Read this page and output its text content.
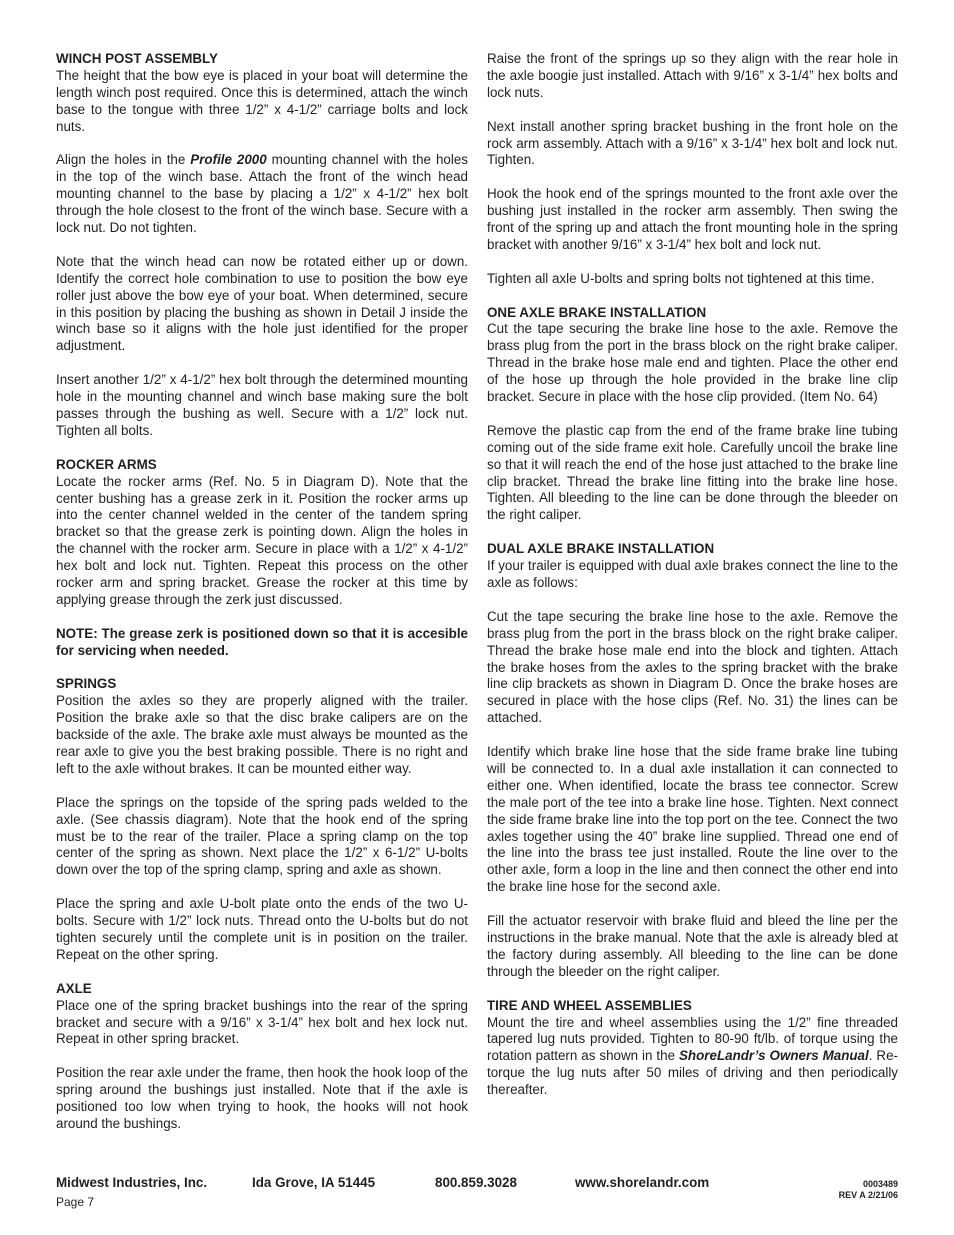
WINCH POST ASSEMBLY

The height that the bow eye is placed in your boat will determine the length winch post required. Once this is determined, attach the winch base to the tongue with three 1/2” x 4-1/2” carriage bolts and lock nuts.

Align the holes in the Profile 2000 mounting channel with the holes in the top of the winch base. Attach the front of the winch head mounting channel to the base by placing a 1/2” x 4-1/2” hex bolt through the hole closest to the front of the winch base. Secure with a lock nut. Do not tighten.

Note that the winch head can now be rotated either up or down. Identify the correct hole combination to use to position the bow eye roller just above the bow eye of your boat. When determined, secure in this position by placing the bushing as shown in Detail J inside the winch base so it aligns with the hole just identified for the proper adjustment.

Insert another 1/2” x 4-1/2” hex bolt through the determined mounting hole in the mounting channel and winch base making sure the bolt passes through the bushing as well. Secure with a 1/2” lock nut. Tighten all bolts.

ROCKER ARMS

Locate the rocker arms (Ref. No. 5 in Diagram D). Note that the center bushing has a grease zerk in it. Position the rocker arms up into the center channel welded in the center of the tandem spring bracket so that the grease zerk is pointing down. Align the holes in the channel with the rocker arm. Secure in place with a 1/2” x 4-1/2” hex bolt and lock nut. Tighten. Repeat this process on the other rocker arm and spring bracket. Grease the rocker at this time by applying grease through the zerk just discussed.

NOTE: The grease zerk is positioned down so that it is accesible for servicing when needed.

SPRINGS

Position the axles so they are properly aligned with the trailer. Position the brake axle so that the disc brake calipers are on the backside of the axle. The brake axle must always be mounted as the rear axle to give you the best braking possible. There is no right and left to the axle without brakes. It can be mounted either way.

Place the springs on the topside of the spring pads welded to the axle. (See chassis diagram). Note that the hook end of the spring must be to the rear of the trailer. Place a spring clamp on the top center of the spring as shown. Next place the 1/2” x 6-1/2” U-bolts down over the top of the spring clamp, spring and axle as shown.

Place the spring and axle U-bolt plate onto the ends of the two U-bolts. Secure with 1/2” lock nuts. Thread onto the U-bolts but do not tighten securely until the complete unit is in position on the trailer. Repeat on the other spring.

AXLE

Place one of the spring bracket bushings into the rear of the spring bracket and secure with a 9/16” x 3-1/4” hex bolt and hex lock nut. Repeat in other spring bracket.

Position the rear axle under the frame, then hook the hook loop of the spring around the bushings just installed. Note that if the axle is positioned too low when trying to hook, the hooks will not hook around the bushings.

Raise the front of the springs up so they align with the rear hole in the axle boogie just installed. Attach with 9/16” x 3-1/4” hex bolts and lock nuts.

Next install another spring bracket bushing in the front hole on the rock arm assembly. Attach with a 9/16” x 3-1/4” hex bolt and lock nut. Tighten.

Hook the hook end of the springs mounted to the front axle over the bushing just installed in the rocker arm assembly. Then swing the front of the spring up and attach the front mounting hole in the spring bracket with another 9/16” x 3-1/4” hex bolt and lock nut.

Tighten all axle U-bolts and spring bolts not tightened at this time.

ONE AXLE BRAKE INSTALLATION

Cut the tape securing the brake line hose to the axle. Remove the brass plug from the port in the brass block on the right brake caliper. Thread in the brake hose male end and tighten. Place the other end of the hose up through the hole provided in the brake line clip bracket. Secure in place with the hose clip provided. (Item No. 64)

Remove the plastic cap from the end of the frame brake line tubing coming out of the side frame exit hole. Carefully uncoil the brake line so that it will reach the end of the hose just attached to the brake line clip bracket. Thread the brake line fitting into the brake line hose. Tighten. All bleeding to the line can be done through the bleeder on the right caliper.

DUAL AXLE BRAKE INSTALLATION

If your trailer is equipped with dual axle brakes connect the line to the axle as follows:

Cut the tape securing the brake line hose to the axle. Remove the brass plug from the port in the brass block on the right brake caliper. Thread the brake hose male end into the block and tighten. Attach the brake hoses from the axles to the spring bracket with the brake line clip brackets as shown in Diagram D. Once the brake hoses are secured in place with the hose clips (Ref. No. 31) the lines can be attached.

Identify which brake line hose that the side frame brake line tubing will be connected to. In a dual axle installation it can connected to either one. When identified, locate the brass tee connector. Screw the male port of the tee into a brake line hose. Tighten. Next connect the side frame brake line into the top port on the tee. Connect the two axles together using the 40” brake line supplied. Thread one end of the line into the brass tee just installed. Route the line over to the other axle, form a loop in the line and then connect the other end into the brake line hose for the second axle.

Fill the actuator reservoir with brake fluid and bleed the line per the instructions in the brake manual. Note that the axle is already bled at the factory during assembly. All bleeding to the line can be done through the bleeder on the right caliper.

TIRE AND WHEEL ASSEMBLIES

Mount the tire and wheel assemblies using the 1/2” fine threaded tapered lug nuts provided. Tighten to 80-90 ft/lb. of torque using the rotation pattern as shown in the ShoreLandr’s Owners Manual. Re-torque the lug nuts after 50 miles of driving and then periodically thereafter.

Midwest Industries, Inc.	Ida Grove, IA 51445	800.859.3028	www.shorelandr.com	0003489
REV A 2/21/06
Page 7
